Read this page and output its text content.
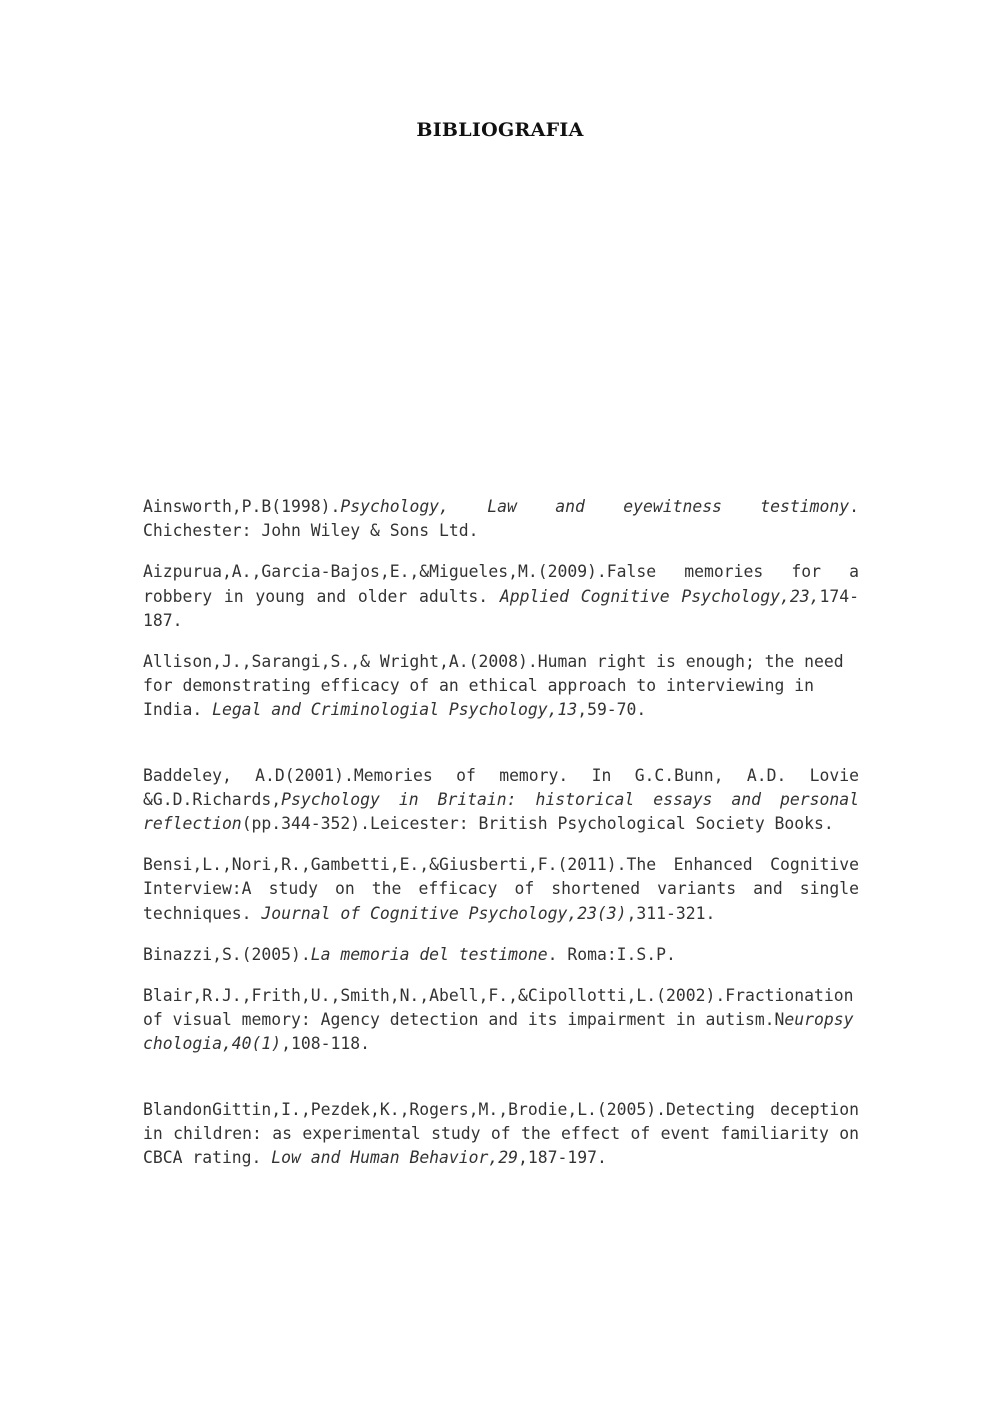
BIBLIOGRAFIA

Ainsworth,P.B(1998).Psychology, Law and eyewitness testimony. Chichester: John Wiley & Sons Ltd.

Aizpurua,A.,Garcia-Bajos,E.,&Migueles,M.(2009).False memories for a robbery in young and older adults. Applied Cognitive Psychology,23,174-187.

Allison,J.,Sarangi,S.,& Wright,A.(2008).Human right is enough; the need for demonstrating efficacy of an ethical approach to interviewing in India. Legal and Criminologial Psychology,13,59-70.

Baddeley, A.D(2001).Memories of memory. In G.C.Bunn, A.D. Lovie &G.D.Richards,Psychology in Britain: historical essays and personal reflection(pp.344-352).Leicester: British Psychological Society Books.

Bensi,L.,Nori,R.,Gambetti,E.,&Giusberti,F.(2011).The Enhanced Cognitive Interview:A study on the efficacy of shortened variants and single techniques. Journal of Cognitive Psychology,23(3),311-321.

Binazzi,S.(2005).La memoria del testimone. Roma:I.S.P.

Blair,R.J.,Frith,U.,Smith,N.,Abell,F.,&Cipollotti,L.(2002).Fractionation of visual memory: Agency detection and its impairment in autism.Neuropsychologia,40(1),108-118.

BlandonGittin,I.,Pezdek,K.,Rogers,M.,Brodie,L.(2005).Detecting deception in children: as experimental study of the effect of event familiarity on CBCA rating. Low and Human Behavior,29,187-197.
